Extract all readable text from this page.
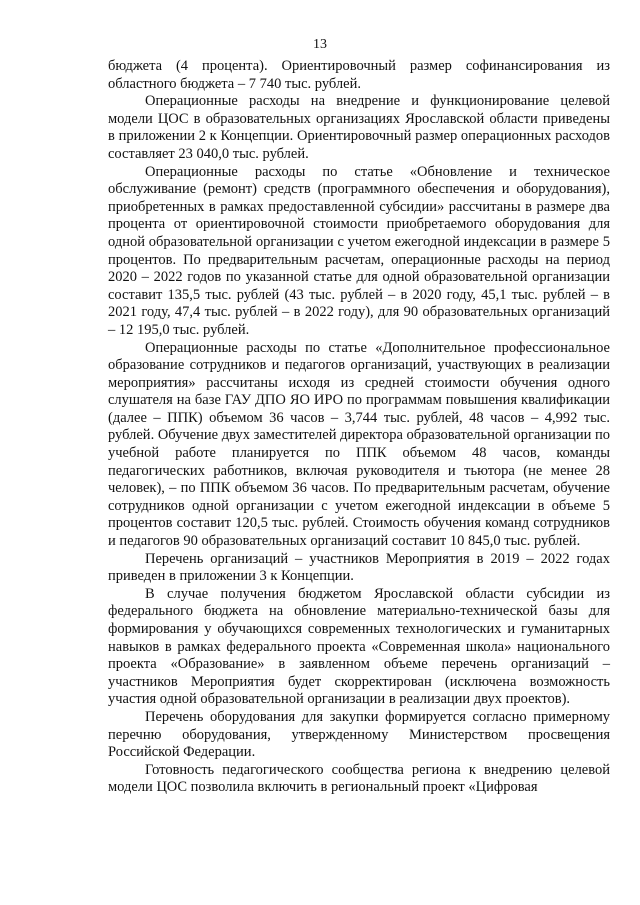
13

бюджета (4 процента). Ориентировочный размер софинансирования из областного бюджета – 7 740 тыс. рублей.

Операционные расходы на внедрение и функционирование целевой модели ЦОС в образовательных организациях Ярославской области приведены в приложении 2 к Концепции. Ориентировочный размер операционных расходов составляет 23 040,0 тыс. рублей.

Операционные расходы по статье «Обновление и техническое обслуживание (ремонт) средств (программного обеспечения и оборудования), приобретенных в рамках предоставленной субсидии» рассчитаны в размере два процента от ориентировочной стоимости приобретаемого оборудования для одной образовательной организации с учетом ежегодной индексации в размере 5 процентов. По предварительным расчетам, операционные расходы на период 2020 – 2022 годов по указанной статье для одной образовательной организации составит 135,5 тыс. рублей (43 тыс. рублей – в 2020 году, 45,1 тыс. рублей – в 2021 году, 47,4 тыс. рублей – в 2022 году), для 90 образовательных организаций – 12 195,0 тыс. рублей.

Операционные расходы по статье «Дополнительное профессиональное образование сотрудников и педагогов организаций, участвующих в реализации мероприятия» рассчитаны исходя из средней стоимости обучения одного слушателя на базе ГАУ ДПО ЯО ИРО по программам повышения квалификации (далее – ППК) объемом 36 часов – 3,744 тыс. рублей, 48 часов – 4,992 тыс. рублей. Обучение двух заместителей директора образовательной организации по учебной работе планируется по ППК объемом 48 часов, команды педагогических работников, включая руководителя и тьютора (не менее 28 человек), – по ППК объемом 36 часов. По предварительным расчетам, обучение сотрудников одной организации с учетом ежегодной индексации в объеме 5 процентов составит 120,5 тыс. рублей. Стоимость обучения команд сотрудников и педагогов 90 образовательных организаций составит 10 845,0 тыс. рублей.

Перечень организаций – участников Мероприятия в 2019 – 2022 годах приведен в приложении 3 к Концепции.

В случае получения бюджетом Ярославской области субсидии из федерального бюджета на обновление материально-технической базы для формирования у обучающихся современных технологических и гуманитарных навыков в рамках федерального проекта «Современная школа» национального проекта «Образование» в заявленном объеме перечень организаций – участников Мероприятия будет скорректирован (исключена возможность участия одной образовательной организации в реализации двух проектов).

Перечень оборудования для закупки формируется согласно примерному перечню оборудования, утвержденному Министерством просвещения Российской Федерации.

Готовность педагогического сообщества региона к внедрению целевой модели ЦОС позволила включить в региональный проект «Цифровая
